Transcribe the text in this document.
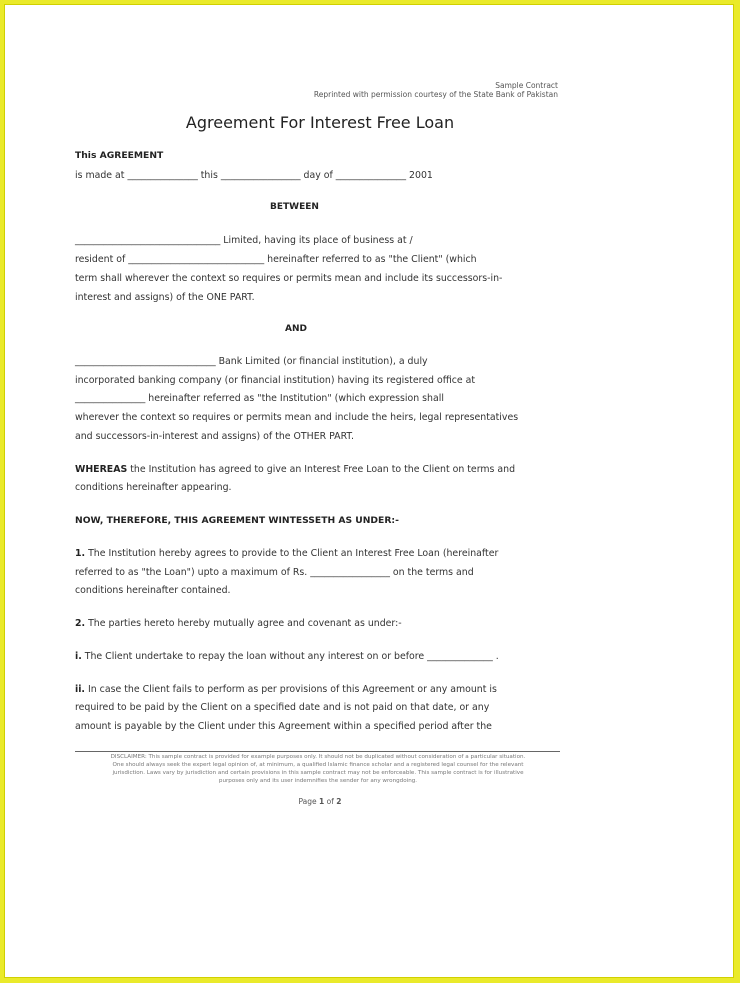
Sample Contract
Reprinted with permission courtesy of the State Bank of Pakistan
Agreement For Interest Free Loan
This AGREEMENT
is made at _______________ this _________________ day of _______________ 2001
BETWEEN
_______________________________ Limited, having its place of business at /
resident of _____________________________ hereinafter referred to as "the Client" (which
term shall wherever the context so requires or permits mean and include its successors-in-
interest and assigns) of the ONE PART.
AND
______________________________ Bank Limited (or financial institution), a duly
incorporated banking company (or financial institution) having its registered office at
_______________ hereinafter referred as "the Institution" (which expression shall
wherever the context so requires or permits mean and include the heirs, legal representatives
and successors-in-interest and assigns) of the OTHER PART.
WHEREAS the Institution has agreed to give an Interest Free Loan to the Client on terms and
conditions hereinafter appearing.
NOW, THEREFORE, THIS AGREEMENT WINTESSETH AS UNDER:-
1. The Institution hereby agrees to provide to the Client an Interest Free Loan (hereinafter
referred to as "the Loan") upto a maximum of Rs. _________________ on the terms and
conditions hereinafter contained.
2. The parties hereto hereby mutually agree and covenant as under:-
i. The Client undertake to repay the loan without any interest on or before ______________ .
ii. In case the Client fails to perform as per provisions of this Agreement or any amount is
required to be paid by the Client on a specified date and is not paid on that date, or any
amount is payable by the Client under this Agreement within a specified period after the
DISCLAIMER: This sample contract is provided for example purposes only. It should not be duplicated without consideration of a particular situation.
One should always seek the expert legal opinion of, at minimum, a qualified Islamic finance scholar and a registered legal counsel for the relevant
jurisdiction. Laws vary by jurisdiction and certain provisions in this sample contract may not be enforceable. This sample contract is for illustrative
purposes only and its user indemnifies the sender for any wrongdoing.
Page 1 of 2
